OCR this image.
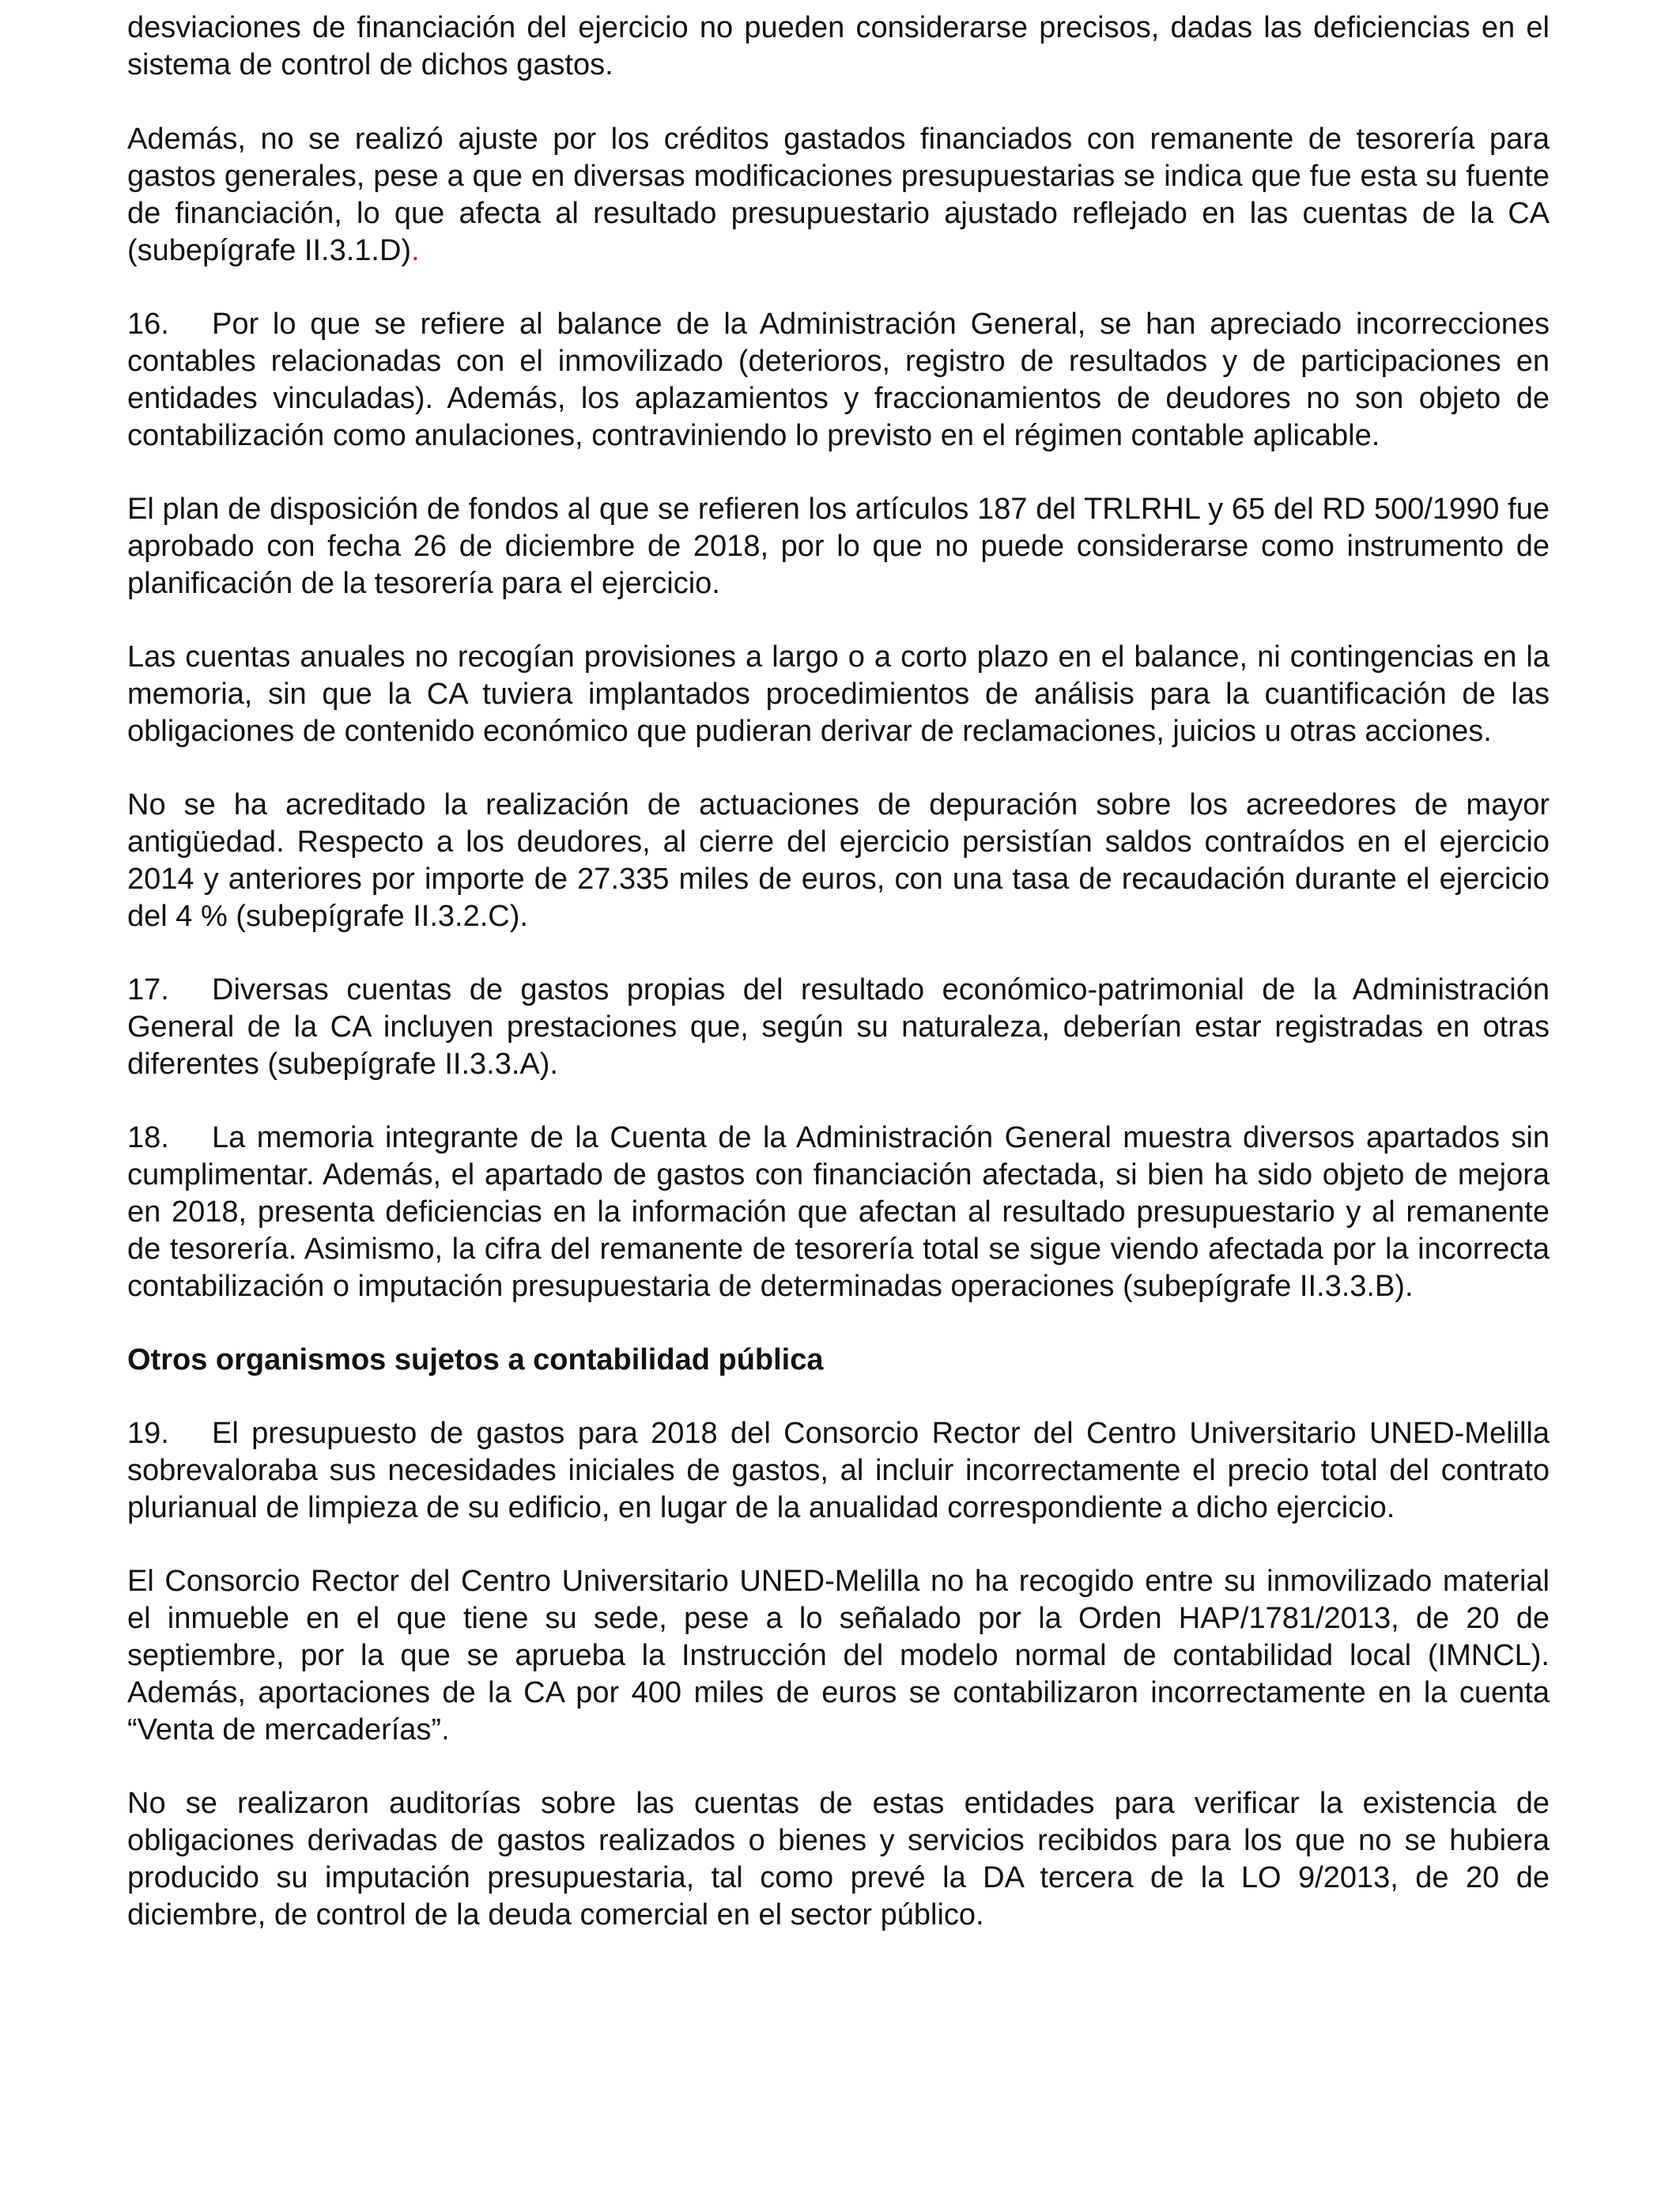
desviaciones de financiación del ejercicio no pueden considerarse precisos, dadas las deficiencias en el sistema de control de dichos gastos.

Además, no se realizó ajuste por los créditos gastados financiados con remanente de tesorería para gastos generales, pese a que en diversas modificaciones presupuestarias se indica que fue esta su fuente de financiación, lo que afecta al resultado presupuestario ajustado reflejado en las cuentas de la CA (subepígrafe II.3.1.D).

16. Por lo que se refiere al balance de la Administración General, se han apreciado incorrecciones contables relacionadas con el inmovilizado (deterioros, registro de resultados y de participaciones en entidades vinculadas). Además, los aplazamientos y fraccionamientos de deudores no son objeto de contabilización como anulaciones, contraviniendo lo previsto en el régimen contable aplicable.

El plan de disposición de fondos al que se refieren los artículos 187 del TRLRHL y 65 del RD 500/1990 fue aprobado con fecha 26 de diciembre de 2018, por lo que no puede considerarse como instrumento de planificación de la tesorería para el ejercicio.

Las cuentas anuales no recogían provisiones a largo o a corto plazo en el balance, ni contingencias en la memoria, sin que la CA tuviera implantados procedimientos de análisis para la cuantificación de las obligaciones de contenido económico que pudieran derivar de reclamaciones, juicios u otras acciones.

No se ha acreditado la realización de actuaciones de depuración sobre los acreedores de mayor antigüedad. Respecto a los deudores, al cierre del ejercicio persistían saldos contraídos en el ejercicio 2014 y anteriores por importe de 27.335 miles de euros, con una tasa de recaudación durante el ejercicio del 4 % (subepígrafe II.3.2.C).

17. Diversas cuentas de gastos propias del resultado económico-patrimonial de la Administración General de la CA incluyen prestaciones que, según su naturaleza, deberían estar registradas en otras diferentes (subepígrafe II.3.3.A).

18. La memoria integrante de la Cuenta de la Administración General muestra diversos apartados sin cumplimentar. Además, el apartado de gastos con financiación afectada, si bien ha sido objeto de mejora en 2018, presenta deficiencias en la información que afectan al resultado presupuestario y al remanente de tesorería. Asimismo, la cifra del remanente de tesorería total se sigue viendo afectada por la incorrecta contabilización o imputación presupuestaria de determinadas operaciones (subepígrafe II.3.3.B).

Otros organismos sujetos a contabilidad pública

19. El presupuesto de gastos para 2018 del Consorcio Rector del Centro Universitario UNED-Melilla sobrevaloraba sus necesidades iniciales de gastos, al incluir incorrectamente el precio total del contrato plurianual de limpieza de su edificio, en lugar de la anualidad correspondiente a dicho ejercicio.

El Consorcio Rector del Centro Universitario UNED-Melilla no ha recogido entre su inmovilizado material el inmueble en el que tiene su sede, pese a lo señalado por la Orden HAP/1781/2013, de 20 de septiembre, por la que se aprueba la Instrucción del modelo normal de contabilidad local (IMNCL). Además, aportaciones de la CA por 400 miles de euros se contabilizaron incorrectamente en la cuenta “Venta de mercaderías”.

No se realizaron auditorías sobre las cuentas de estas entidades para verificar la existencia de obligaciones derivadas de gastos realizados o bienes y servicios recibidos para los que no se hubiera producido su imputación presupuestaria, tal como prevé la DA tercera de la LO 9/2013, de 20 de diciembre, de control de la deuda comercial en el sector público.
